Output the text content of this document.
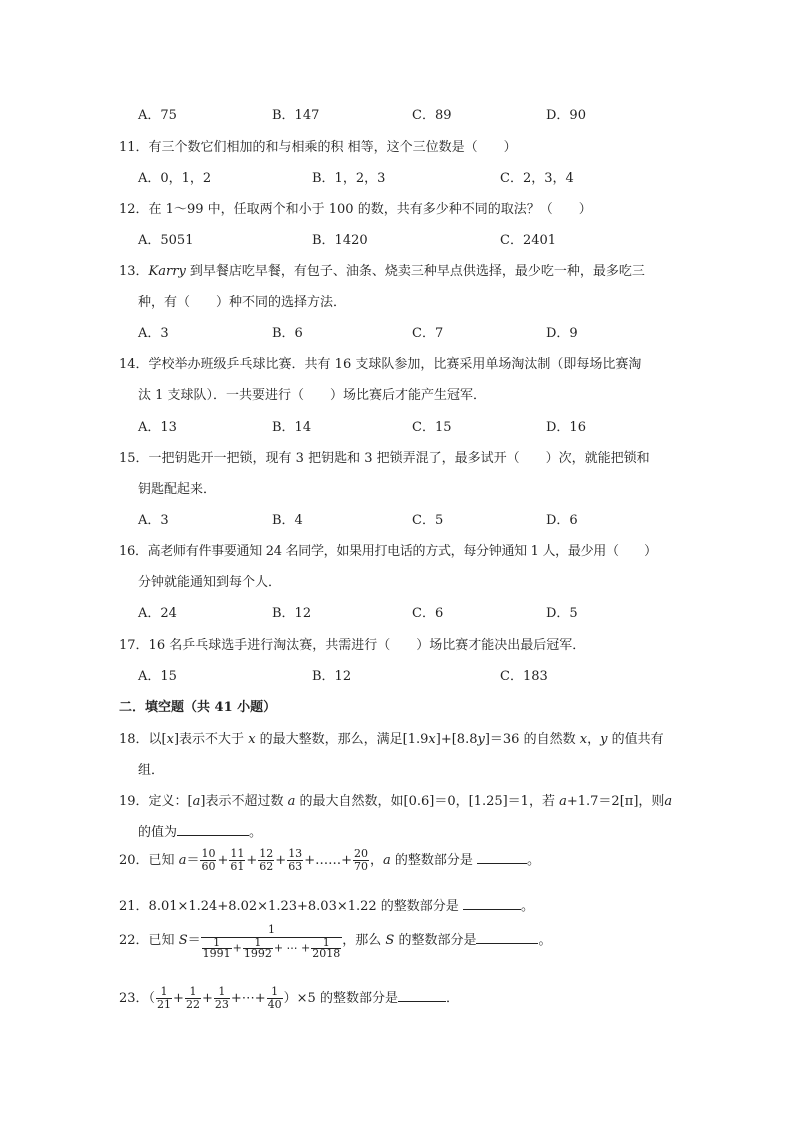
A．75	B．147	C．89	D．90
11．有三个数它们相加的和与相乘的积 相等，这个三位数是（　　）
A．0，1，2	B．1，2，3	C．2，3，4
12．在 1～99 中，任取两个和小于 100 的数，共有多少种不同的取法？（　　）
A．5051	B．1420	C．2401
13．Karry 到早餐店吃早餐，有包子、油条、烧卖三种早点供选择，最少吃一种，最多吃三
种，有（　　）种不同的选择方法．
A．3	B．6	C．7	D．9
14．学校举办班级乒乓球比赛．共有 16 支球队参加，比赛采用单场淘汰制（即每场比赛淘
汰 1 支球队）．一共要进行（　　）场比赛后才能产生冠军．
A．13	B．14	C．15	D．16
15．一把钥匙开一把锁，现有 3 把钥匙和 3 把锁弄混了，最多试开（　　）次，就能把锁和
钥匙配起来．
A．3	B．4	C．5	D．6
16．高老师有件事要通知 24 名同学，如果用打电话的方式，每分钟通知 1 人，最少用（　　）
分钟就能通知到每个人．
A．24	B．12	C．6	D．5
17．16 名乒乓球选手进行淘汰赛，共需进行（　　）场比赛才能决出最后冠军．
A．15	B．12	C．183
二．填空题（共 41 小题）
18．以[x]表示不大于 x 的最大整数，那么，满足[1.9x]+[8.8y]＝36 的自然数 x，y 的值共有
组．
19．定义：[a]表示不超过数 a 的最大自然数，如[0.6]＝0，[1.25]＝1，若 a+1.7＝2[π]，则a
的值为	。
20．已知 $a= \frac{10}{60} + \frac{11}{61} + \frac{12}{62} + \frac{13}{63}$ +……+ $\frac{20}{70}$ ，a 的整数部分是	。
21．8.01×1.24+8.02×1.23+8.03×1.22 的整数部分是	。
22．已知 $S= \frac{1}{\frac{1}{1991} + \frac{1}{1992} + \cdots + \frac{1}{2018}}$ ，那么 S 的整数部分是	。
23．（ $\frac{1}{21} + \frac{1}{22} + \frac{1}{23}$ +⋯+ $\frac{1}{40} )\times 5$ 的整数部分是	．
